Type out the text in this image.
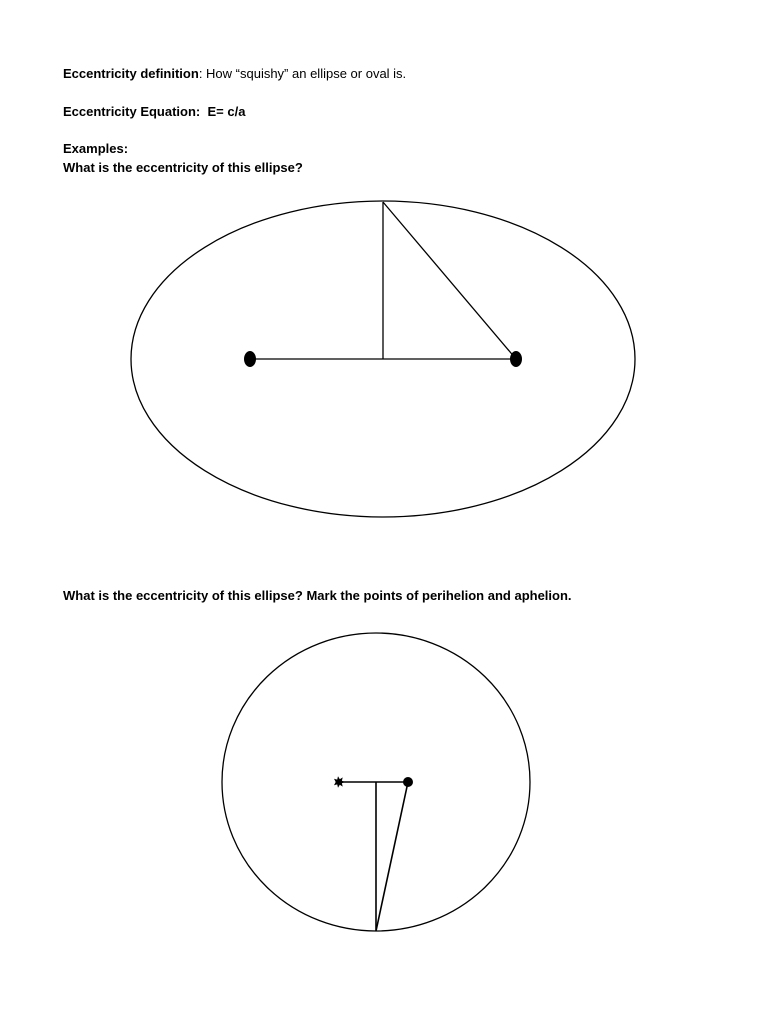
Eccentricity definition: How “squishy” an ellipse or oval is.
Eccentricity Equation: E= c/a
Examples:
What is the eccentricity of this ellipse?
What is the eccentricity of this ellipse? Mark the points of perihelion and aphelion.
